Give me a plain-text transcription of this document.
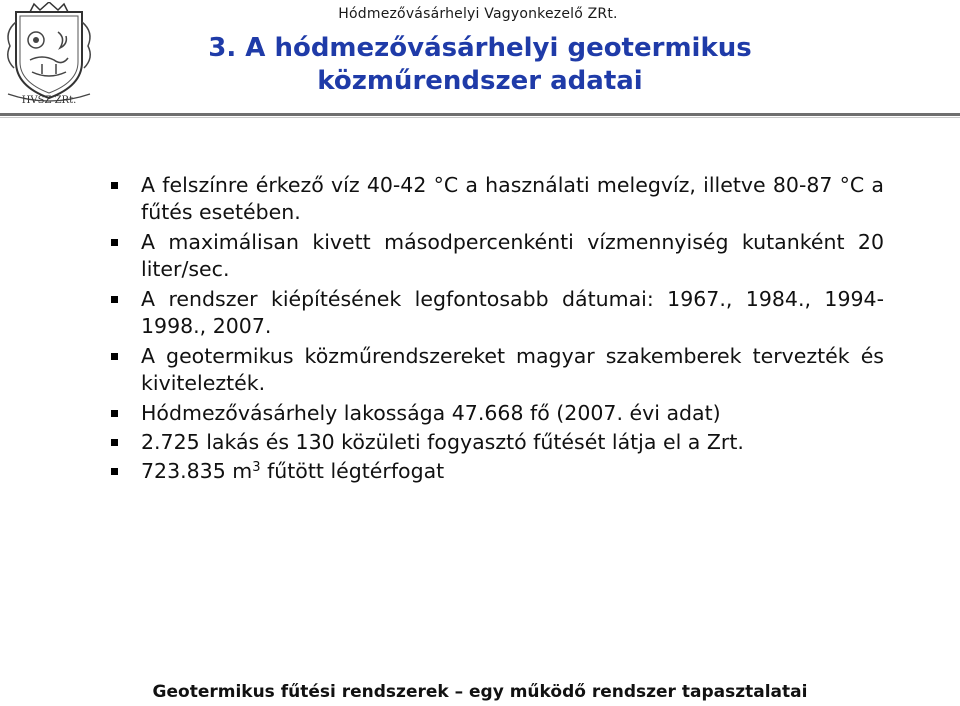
Hódmezővásárhelyi Vagyonkezelő ZRt.
HVSZ ZRt.
3. A hódmezővásárhelyi geotermikus
közműrendszer adatai
A felszínre érkező víz 40-42 °C a használati melegvíz, illetve 80-87 °C a fűtés esetében.
A maximálisan kivett másodpercenkénti vízmennyiség kutanként 20 liter/sec.
A rendszer kiépítésének legfontosabb dátumai: 1967., 1984., 1994-1998., 2007.
A geotermikus közműrendszereket magyar szakemberek tervezték és kivitelezték.
Hódmezővásárhely lakossága 47.668 fő (2007. évi adat)
2.725 lakás és 130 közületi fogyasztó fűtését látja el a Zrt.
723.835 $m^3$ fűtött légtérfogat
Geotermikus fűtési rendszerek – egy működő rendszer tapasztalatai
